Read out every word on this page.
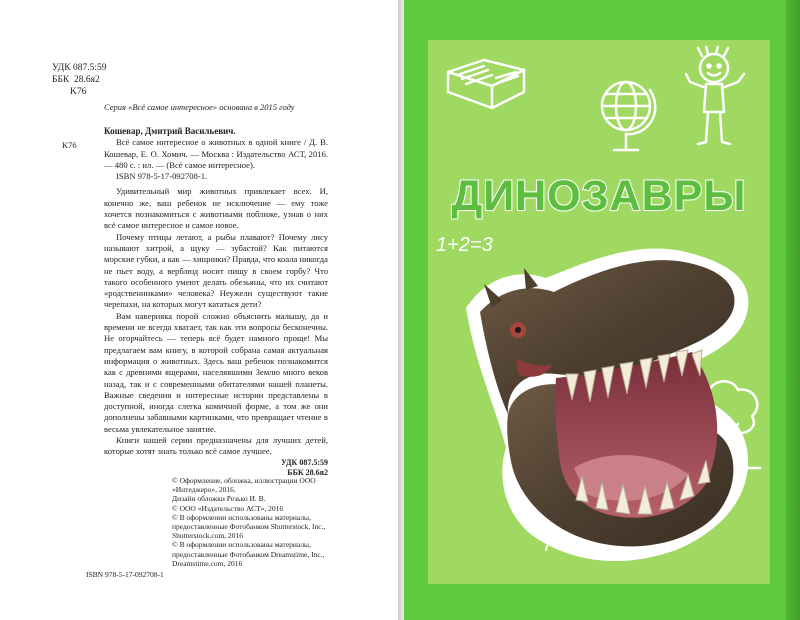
УДК 087.5:59
ББК  28.6я2
K76
Серия «Всё самое интересное» основана в 2015 году
K76
Кошевар, Дмитрий Васильевич.

Всё самое интересное о животных в одной книге / Д. В. Кошевар, Е. О. Хомич. — Москва : Издательство АСТ, 2016. — 480 с. : ил. — (Всё самое интересное).

ISBN 978-5-17-092708-1.

Удивительный мир животных привлекает всех. И, конечно же, ваш ребенок не исключение — ему тоже хочется познакомиться с животными поближе, узнав о них всё самое интересное и самое новое.

Почему птицы летают, а рыбы плавают? Почему лису называют хитрой, а щуку — зубастой? Как питаются морские губки, а как — хищники? Правда, что коала никогда не пьет воду, а верблюд носит пищу в своем горбу? Что такого особенного умеют делать обезьяны, что их считают «родственниками» человека? Неужели существуют такие черепахи, на которых могут кататься дети?

Вам наверняка порой сложно объяснить малышу, да и времени не всегда хватает, так как эти вопросы бесконечны. Не огорчайтесь — теперь всё будет намного проще! Мы предлагаем вам книгу, в которой собрана самая актуальная информация о животных. Здесь ваш ребенок познакомится как с древними ящерами, населявшими Землю много веков назад, так и с современными обитателями нашей планеты. Важные сведения и интересные истории представлены в доступной, иногда слегка комичной форме, а том же они дополнены забавными картинками, что превращает чтение в весьма увлекательное занятие.

Книги нашей серии предназначены для лучших детей, которые хотят знать только всё самое лучшее.

УДК 087.5:59
ББК 28.6я2
© Оформление, обложка, иллюстрации ООО «Интеджеро», 2016.
Дизайн обложки Резько И. В.
© ООО «Издательство АСТ», 2016
© В оформлении использованы материалы, предоставленные Фотобанком Shutterstock, Inc., Shutterstock.com, 2016
© В оформлении использованы материалы, предоставленные Фотобанком Dreamstime, Inc., Dreamstime.com, 2016
ISBN 978-5-17-092708-1
1+2=3
ДИНОЗАВРЫ
